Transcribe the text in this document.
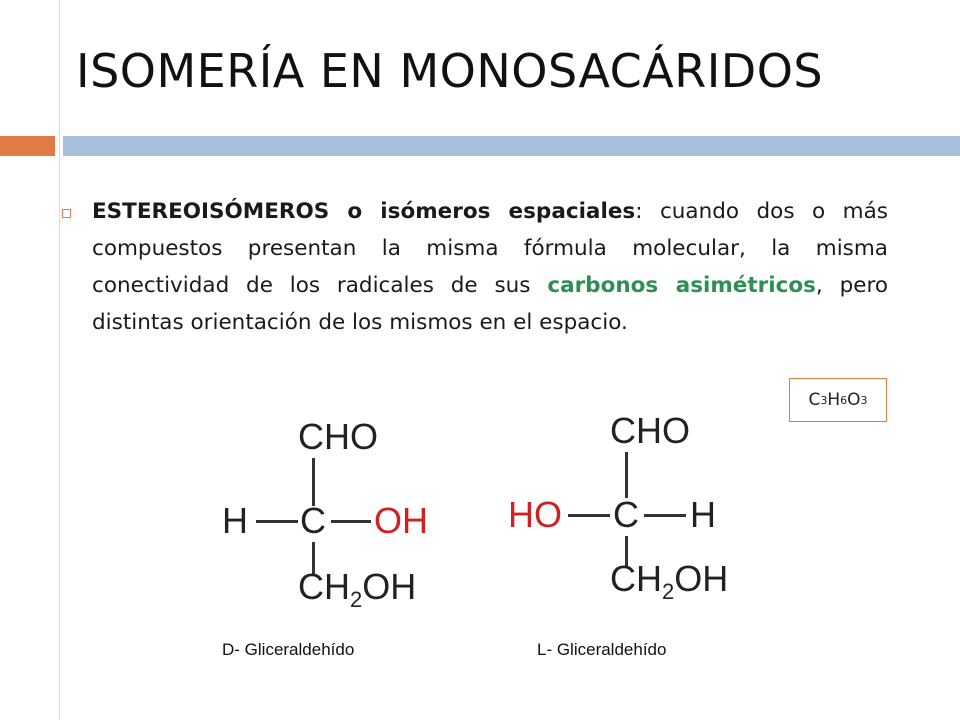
ISOMERÍA EN MONOSACÁRIDOS
ESTEREOISÓMEROS o isómeros espaciales: cuando dos o más compuestos presentan la misma fórmula molecular, la misma conectividad de los radicales de sus carbonos asimétricos, pero distintas orientación de los mismos en el espacio.
C 3 H 6 O 3
CHO
H C OH
$CH_2OH$
CHO
HO C H
$CH_2OH$
D- Gliceraldehído	L- Gliceraldehído
